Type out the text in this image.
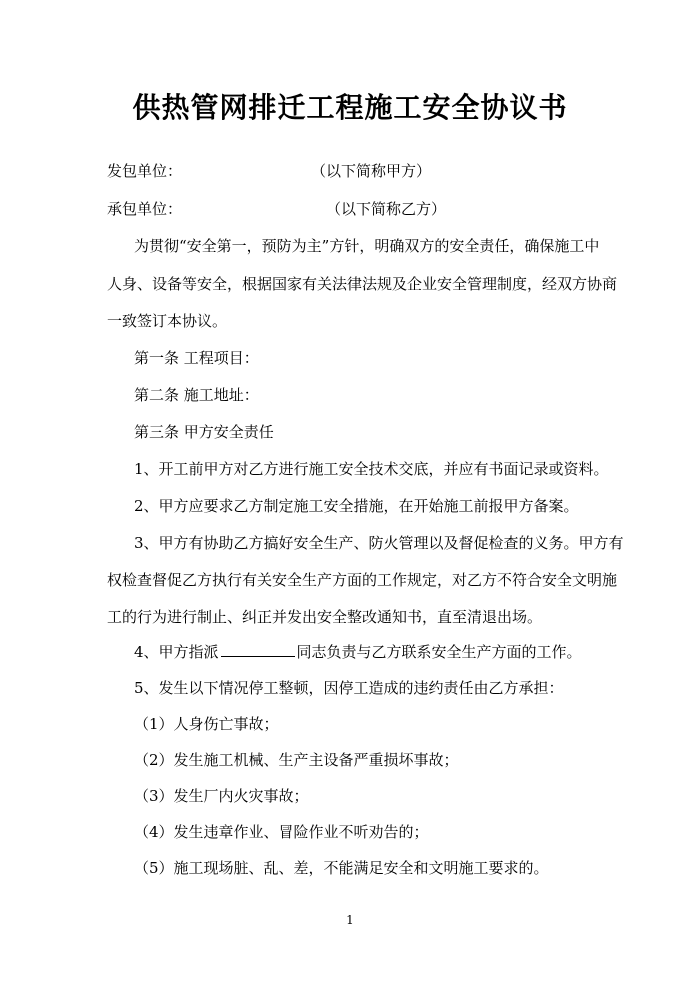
供热管网排迁工程施工安全协议书
发包单位：	（以下简称甲方）
承包单位：	（以下简称乙方）
为贯彻“安全第一，预防为主”方针，明确双方的安全责任，确保施工中
人身、设备等安全，根据国家有关法律法规及企业安全管理制度，经双方协商
一致签订本协议。
第一条 工程项目：
第二条 施工地址：
第三条 甲方安全责任
1、开工前甲方对乙方进行施工安全技术交底，并应有书面记录或资料。
2、甲方应要求乙方制定施工安全措施，在开始施工前报甲方备案。
3、甲方有协助乙方搞好安全生产、防火管理以及督促检查的义务。甲方有
权检查督促乙方执行有关安全生产方面的工作规定，对乙方不符合安全文明施
工的行为进行制止、纠正并发出安全整改通知书，直至清退出场。
4、甲方指派	同志负责与乙方联系安全生产方面的工作。
5、发生以下情况停工整顿，因停工造成的违约责任由乙方承担：
（1）人身伤亡事故；
（2）发生施工机械、生产主设备严重损坏事故；
（3）发生厂内火灾事故；
（4）发生违章作业、冒险作业不听劝告的；
（5）施工现场脏、乱、差，不能满足安全和文明施工要求的。
1
